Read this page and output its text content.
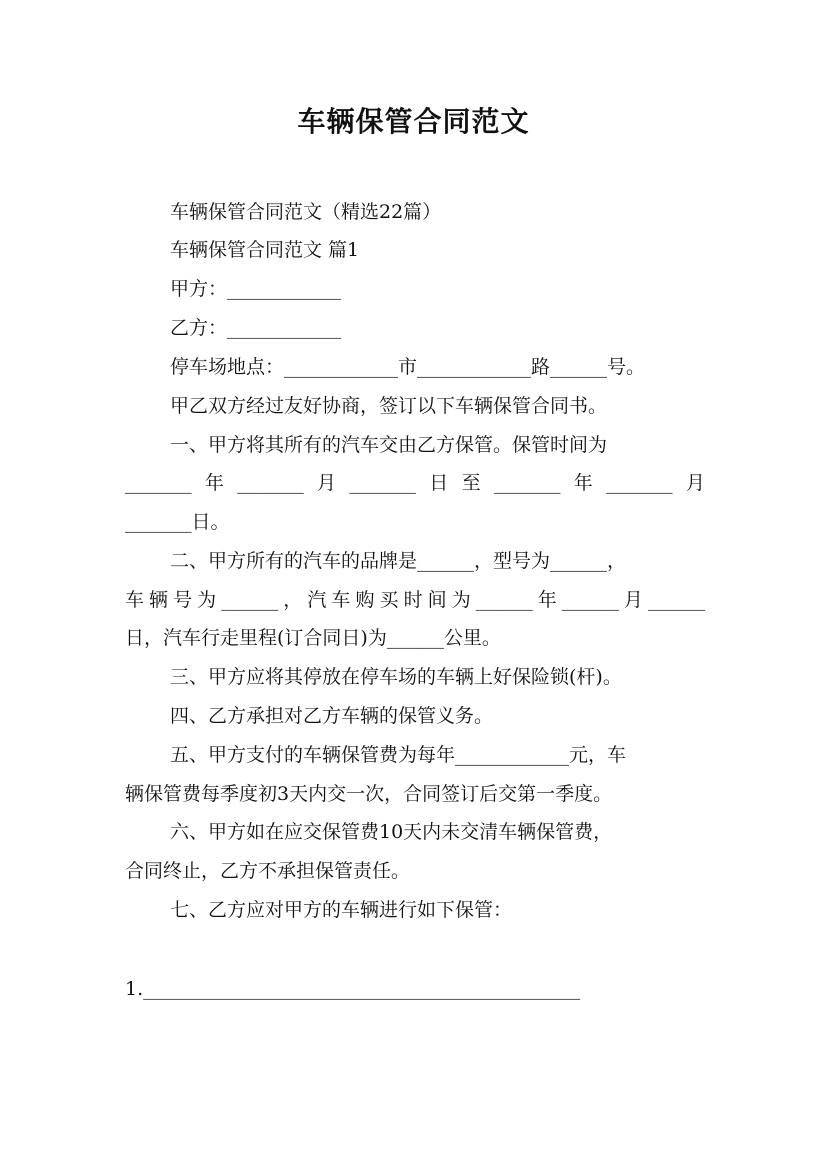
车辆保管合同范文
车辆保管合同范文（精选22篇）
车辆保管合同范文 篇1
甲方：____________
乙方：____________
停车场地点：____________市____________路______号。
甲乙双方经过友好协商，签订以下车辆保管合同书。
一、甲方将其所有的汽车交由乙方保管。保管时间为
_______年_______月_______日至_______年_______月
_______日。
二、甲方所有的汽车的品牌是______，型号为______，
车辆号为______，汽车购买时间为______年______月______
日，汽车行走里程(订合同日)为______公里。
三、甲方应将其停放在停车场的车辆上好保险锁(杆)。
四、乙方承担对乙方车辆的保管义务。
五、甲方支付的车辆保管费为每年____________元，车
辆保管费每季度初3天内交一次，合同签订后交第一季度。
六、甲方如在应交保管费10天内未交清车辆保管费，
合同终止，乙方不承担保管责任。
七、乙方应对甲方的车辆进行如下保管：
1.______________________________________________
